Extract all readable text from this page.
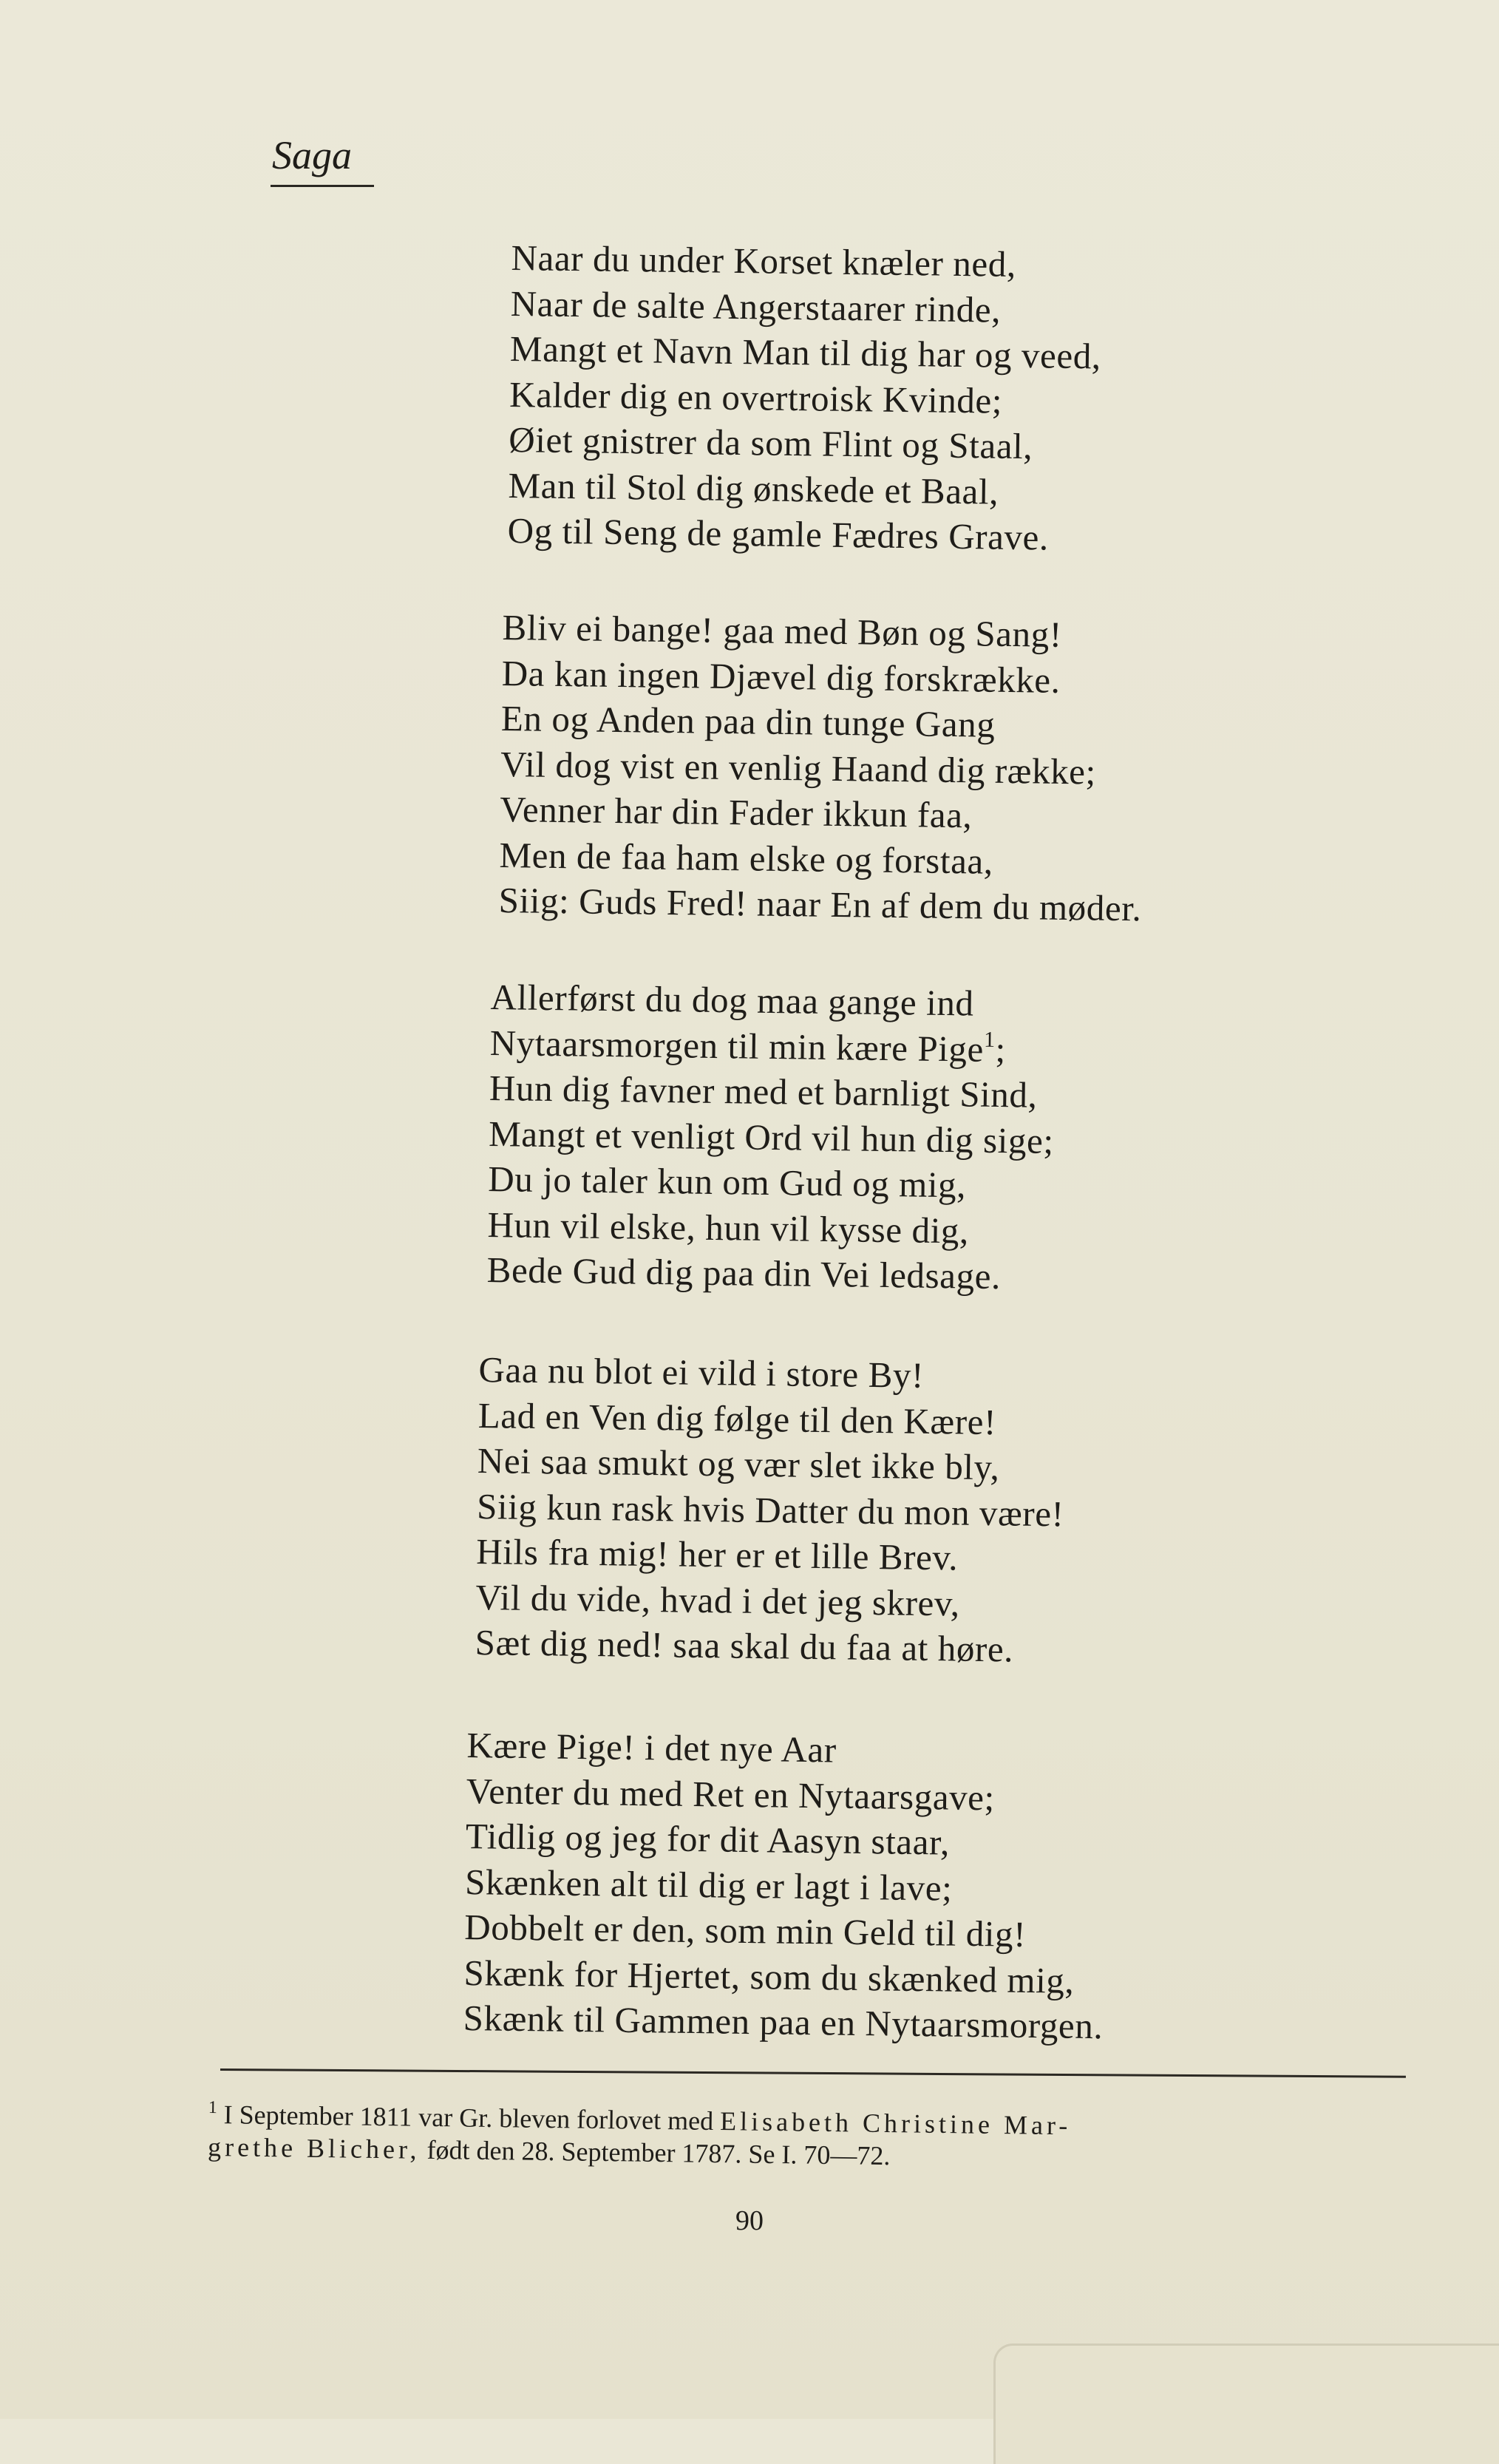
Saga
Naar du under Korset knæler ned,
Naar de salte Angerstaarer rinde,
Mangt et Navn Man til dig har og veed,
Kalder dig en overtroisk Kvinde;
Øiet gnistrer da som Flint og Staal,
Man til Stol dig ønskede et Baal,
Og til Seng de gamle Fædres Grave.
Bliv ei bange! gaa med Bøn og Sang!
Da kan ingen Djævel dig forskrække.
En og Anden paa din tunge Gang
Vil dog vist en venlig Haand dig række;
Venner har din Fader ikkun faa,
Men de faa ham elske og forstaa,
Siig: Guds Fred! naar En af dem du møder.
Allerførst du dog maa gange ind
Nytaarsmorgen til min kære Pige$^1$;
Hun dig favner med et barnligt Sind,
Mangt et venligt Ord vil hun dig sige;
Du jo taler kun om Gud og mig,
Hun vil elske, hun vil kysse dig,
Bede Gud dig paa din Vei ledsage.
Gaa nu blot ei vild i store By!
Lad en Ven dig følge til den Kære!
Nei saa smukt og vær slet ikke bly,
Siig kun rask hvis Datter du mon være!
Hils fra mig! her er et lille Brev.
Vil du vide, hvad i det jeg skrev,
Sæt dig ned! saa skal du faa at høre.
Kære Pige! i det nye Aar
Venter du med Ret en Nytaarsgave;
Tidlig og jeg for dit Aasyn staar,
Skænken alt til dig er lagt i lave;
Dobbelt er den, som min Geld til dig!
Skænk for Hjertet, som du skænked mig,
Skænk til Gammen paa en Nytaarsmorgen.
$^1$ I September 1811 var Gr. bleven forlovet med Elisabeth Christine Mar-
grethe Blicher, født den 28. September 1787. Se I. 70—72.
90
